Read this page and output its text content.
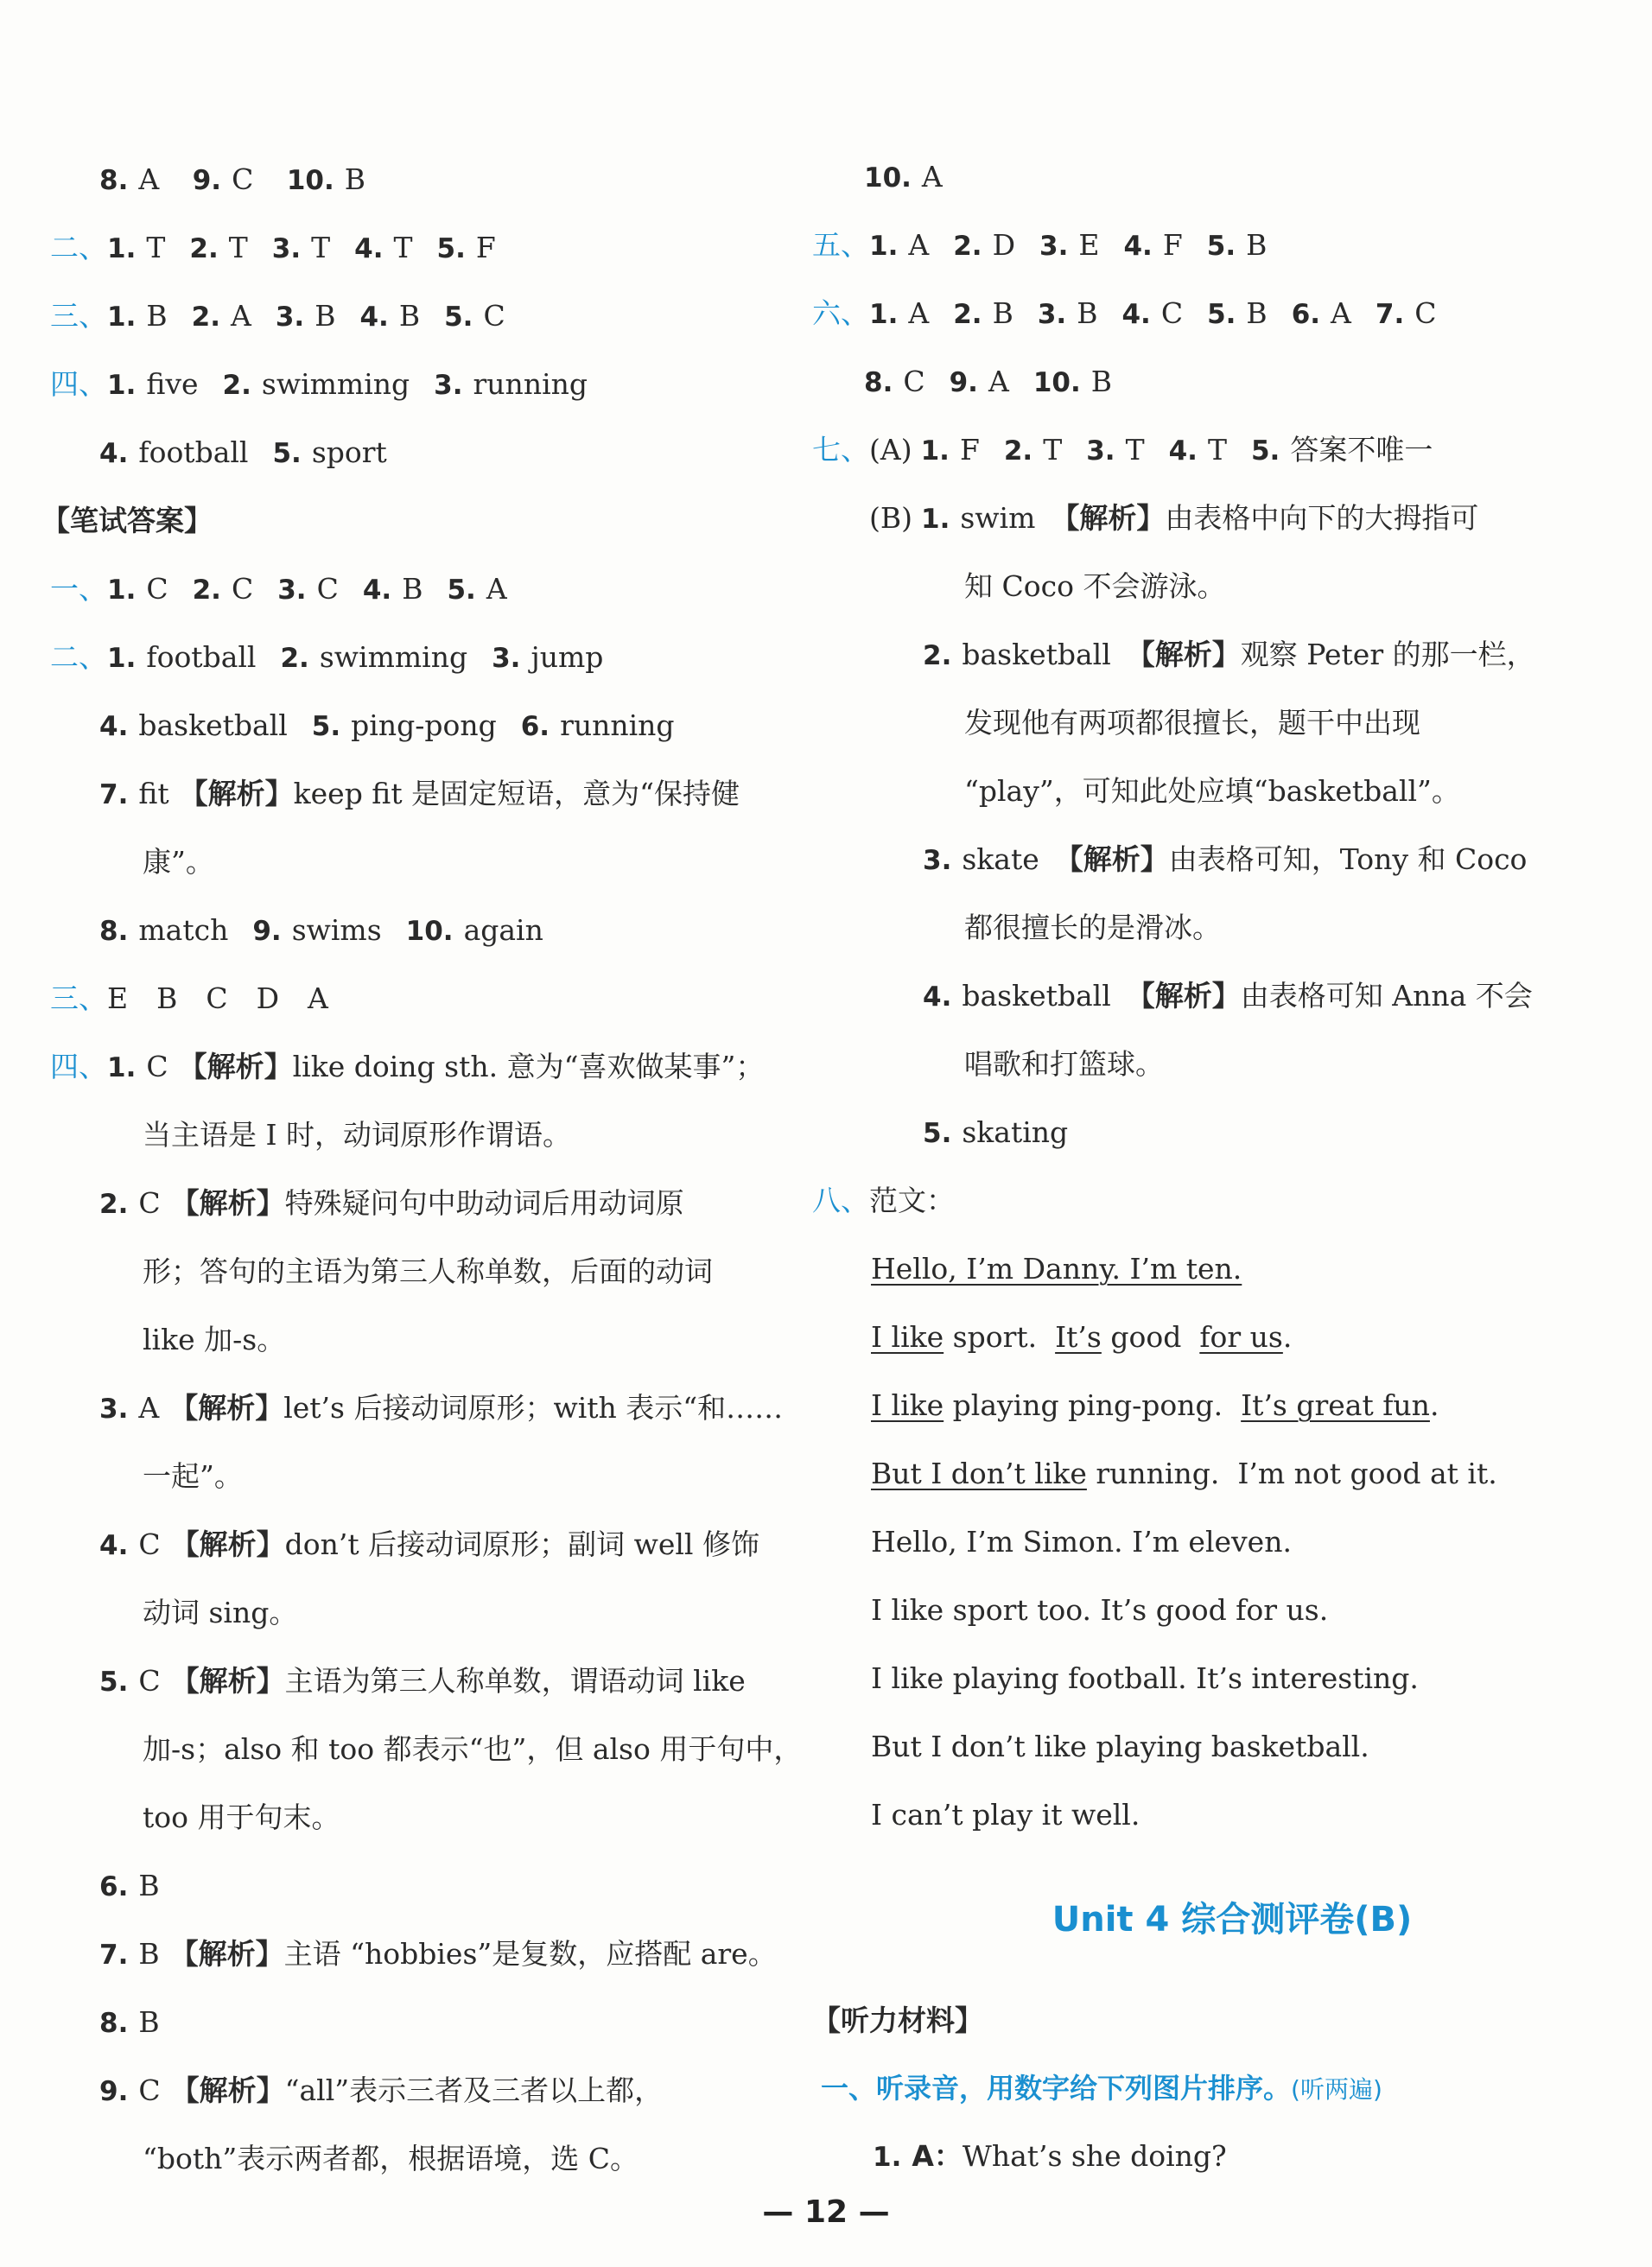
8. A 9. C 10. B
二、1. T 2. T 3. T 4. T 5. F
三、1. B 2. A 3. B 4. B 5. C
四、1. five 2. swimming 3. running
4. football 5. sport
【笔试答案】
一、1. C 2. C 3. C 4. B 5. A
二、1. football 2. swimming 3. jump
4. basketball 5. ping-pong 6. running
7. fit 【解析】keep fit 是固定短语，意为“保持健
康”。
8. match 9. swims 10. again
三、E　B　C　D　A
四、1. C 【解析】like doing sth. 意为“喜欢做某事”；
当主语是 I 时，动词原形作谓语。
2. C 【解析】特殊疑问句中助动词后用动词原
形；答句的主语为第三人称单数，后面的动词
like 加-s。
3. A 【解析】let’s 后接动词原形；with 表示“和……
一起”。
4. C 【解析】don’t 后接动词原形；副词 well 修饰
动词 sing。
5. C 【解析】主语为第三人称单数，谓语动词 like
加-s；also 和 too 都表示“也”，但 also 用于句中，
too 用于句末。
6. B
7. B 【解析】主语 “hobbies”是复数，应搭配 are。
8. B
9. C 【解析】“all”表示三者及三者以上都，
“both”表示两者都，根据语境，选 C。
10. A
五、1. A 2. D 3. E 4. F 5. B
六、1. A 2. B 3. B 4. C 5. B 6. A 7. C
8. C 9. A 10. B
七、(A) 1. F 2. T 3. T 4. T 5. 答案不唯一
(B) 1. swim 【解析】由表格中向下的大拇指可
知 Coco 不会游泳。
2. basketball 【解析】观察 Peter 的那一栏，
发现他有两项都很擅长，题干中出现
“play”，可知此处应填“basketball”。
3. skate 【解析】由表格可知，Tony 和 Coco
都很擅长的是滑冰。
4. basketball 【解析】由表格可知 Anna 不会
唱歌和打篮球。
5. skating
八、范文：
Hello, I’m Danny. I’m ten.
I like sport.  It’s good  for us.
I like playing ping-pong.  It’s great fun.
But I don’t like running.  I’m not good at it.
Hello, I’m Simon. I’m eleven.
I like sport too. It’s good for us.
I like playing football. It’s interesting.
But I don’t like playing basketball.
I can’t play it well.
Unit 4 综合测评卷(B)
【听力材料】
一、听录音，用数字给下列图片排序。(听两遍)
1. A：What’s she doing?
— 12 —
